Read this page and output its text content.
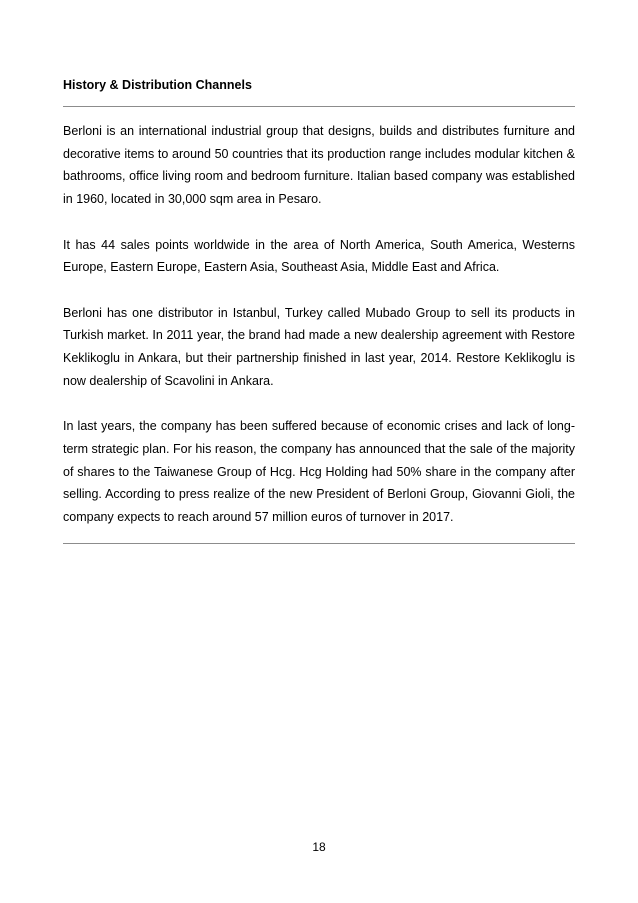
History & Distribution Channels

Berloni is an international industrial group that designs, builds and distributes furniture and decorative items to around 50 countries that its production range includes modular kitchen & bathrooms, office living room and bedroom furniture. Italian based company was established in 1960, located in 30,000 sqm area in Pesaro.

It has 44 sales points worldwide in the area of North America, South America, Westerns Europe, Eastern Europe, Eastern Asia, Southeast Asia, Middle East and Africa.

Berloni has one distributor in Istanbul, Turkey called Mubado Group to sell its products in Turkish market. In 2011 year, the brand had made a new dealership agreement with Restore Keklikoglu in Ankara, but their partnership finished in last year, 2014. Restore Keklikoglu is now dealership of Scavolini in Ankara.

In last years, the company has been suffered because of economic crises and lack of long-term strategic plan. For his reason, the company has announced that the sale of the majority of shares to the Taiwanese Group of Hcg. Hcg Holding had 50% share in the company after selling. According to press realize of the new President of Berloni Group, Giovanni Gioli, the company expects to reach around 57 million euros of turnover in 2017.

18
